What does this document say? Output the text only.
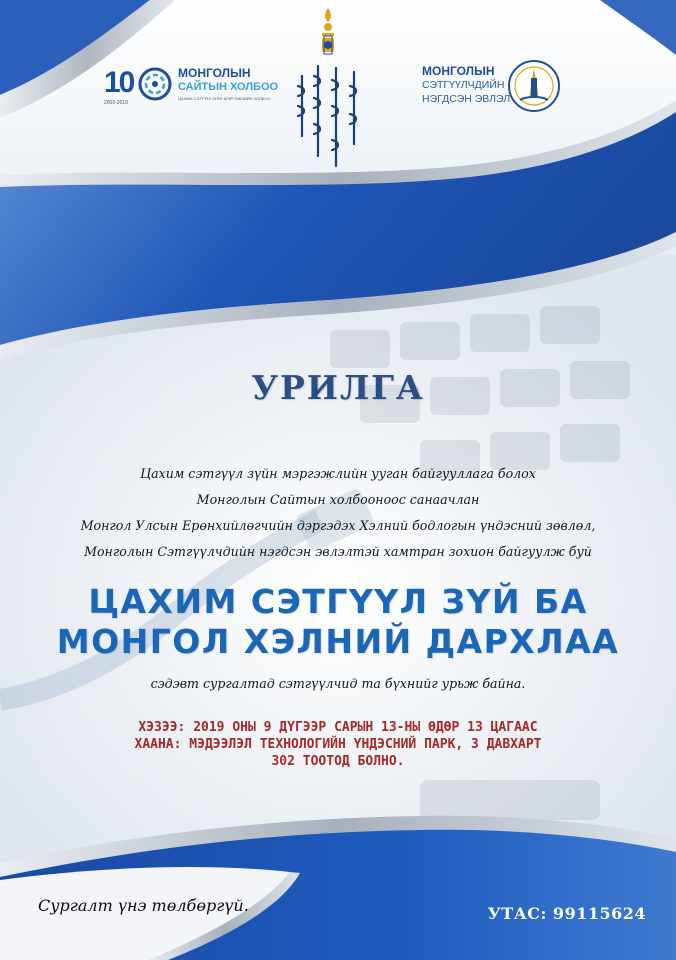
10	МОНГОЛЫН
САЙТЫН ХОЛБОО
2009-2019
ЦАХИМ СЭТГҮҮЛ ЗҮЙН МЭРГЭЖЛИЙН ХОЛБОО
МОНГОЛЫН
СЭТГҮҮЛЧДИЙН
НЭГДСЭН ЭВЛЭЛ
УРИЛГА
Цахим сэтгүүл зүйн мэргэжлийн ууган байгууллага болох
Монголын Сайтын холбооноос санаачлан
Монгол Улсын Ерөнхийлөгчийн дэргэдэх Хэлний бодлогын үндэсний зөвлөл,
Монголын Сэтгүүлчдийн нэгдсэн эвлэлтэй хамтран зохион байгуулж буй
ЦАХИМ СЭТГҮҮЛ ЗҮЙ БА
МОНГОЛ ХЭЛНИЙ ДАРХЛАА
сэдэвт сургалтад сэтгүүлчид та бүхнийг урьж байна.
ХЭЗЭЭ: 2019 ОНЫ 9 ДҮГЭЭР САРЫН 13-НЫ ӨДӨР 13 ЦАГААС
ХААНА: МЭДЭЭЛЭЛ ТЕХНОЛОГИЙН ҮНДЭСНИЙ ПАРК, 3 ДАВХАРТ
302 ТООТОД БОЛНО.
Сургалт үнэ төлбөргүй.	УТАС: 99115624
